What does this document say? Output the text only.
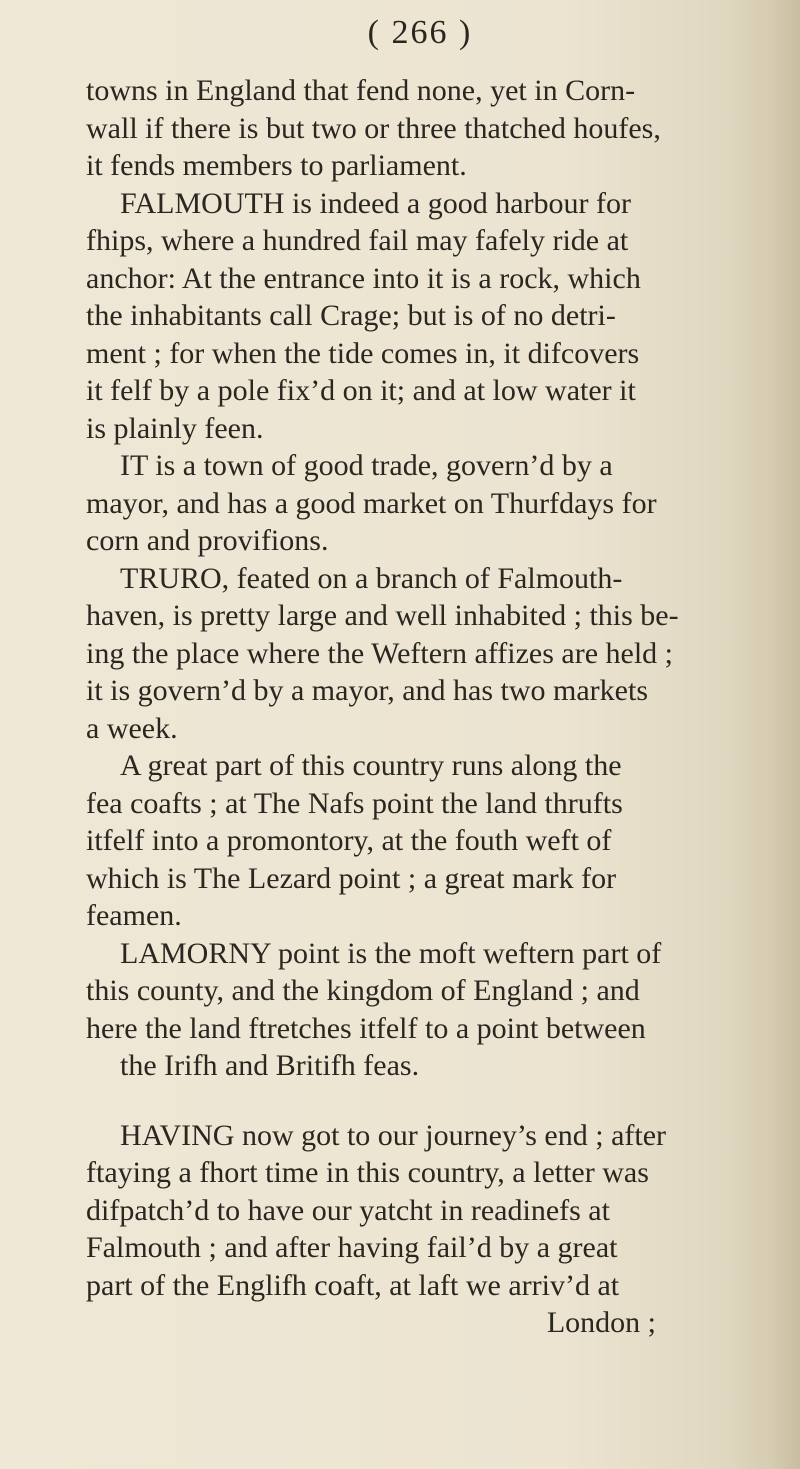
( 266 )

towns in England that fend none, yet in Corn-
wall if there is but two or three thatched houfes,
it fends members to parliament.

FALMOUTH is indeed a good harbour for
fhips, where a hundred fail may fafely ride at
anchor: At the entrance into it is a rock, which
the inhabitants call Crage; but is of no detri-
ment ; for when the tide comes in, it difcovers
it felf by a pole fix’d on it; and at low water it
is plainly feen.

IT is a town of good trade, govern’d by a
mayor, and has a good market on Thurfdays for
corn and provifions.

TRURO, feated on a branch of Falmouth-
haven, is pretty large and well inhabited ; this be-
ing the place where the Weftern affizes are held ;
it is govern’d by a mayor, and has two markets
a week.

A great part of this country runs along the
fea coafts ; at The Nafs point the land thrufts
itfelf into a promontory, at the fouth weft of
which is The Lezard point ; a great mark for
feamen.

LAMORNY point is the moft weftern part of
this county, and the kingdom of England ; and
here the land ftretches itfelf to a point between
the Irifh and Britifh feas.

HAVING now got to our journey’s end ; after
ftaying a fhort time in this country, a letter was
difpatch’d to have our yatcht in readinefs at
Falmouth ; and after having fail’d by a great
part of the Englifh coaft, at laft we arriv’d at

London ;
